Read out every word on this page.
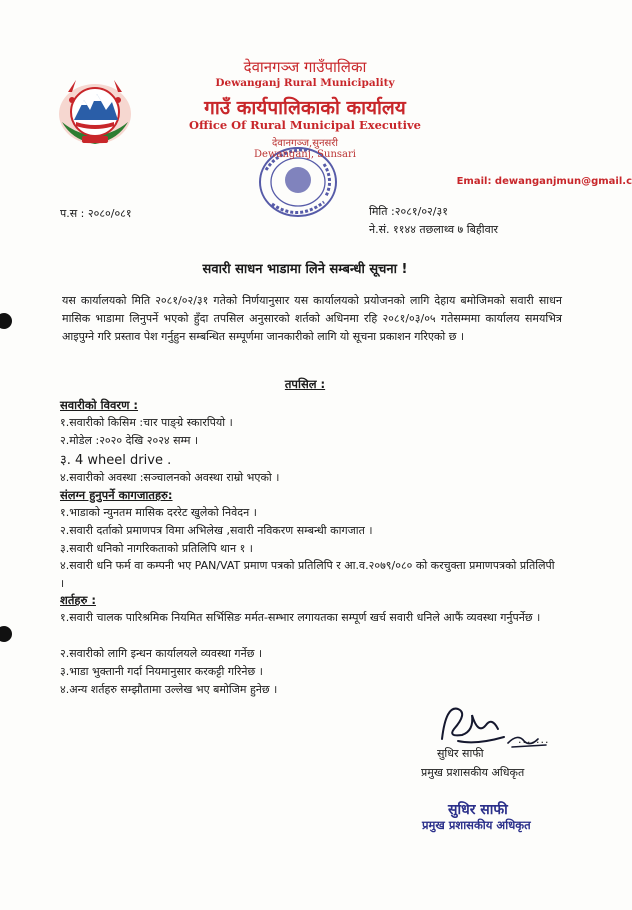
देवानगञ्ज गाउँपालिका
Dewanganj Rural Municipality
गाउँ कार्यपालिकाको कार्यालय
Office Of Rural Municipal Executive
देवानगञ्ज,सुनसरी
Dewanganj, Sunsari
Email: dewanganjmun@gmail.c
प.स : २०८०/०८१	मिति :२०८१/०२/३१
ने.सं. ११४४ तछलाथ्व ७ बिहीवार
सवारी साधन भाडामा लिने सम्बन्धी सूचना !
यस कार्यालयको मिति २०८१/०२/३१ गतेको निर्णयानुसार यस कार्यालयको प्रयोजनको लागि देहाय बमोजिमको सवारी साधन मासिक भाडामा लिनुपर्ने भएको हुँदा तपसिल अनुसारको शर्तको अधिनमा रहि २०८१/०३/०५ गतेसम्ममा कार्यालय समयभित्र आइपुग्ने गरि प्रस्ताव पेश गर्नुहुन सम्बन्धित सम्पूर्णमा जानकारीको लागि यो सूचना प्रकाशन गरिएको छ ।
तपसिल :
सवारीको विवरण :
१.सवारीको किसिम :चार पाङ्ग्रे स्कारपियो ।
२.मोडेल :२०२० देखि २०२४ सम्म ।
३. 4 wheel drive .
४.सवारीको अवस्था :सञ्चालनको अवस्था राम्रो भएको ।
संलग्न हुनुपर्ने कागजातहरु:
१.भाडाको न्युनतम मासिक दररेट खुलेको निवेदन ।
२.सवारी दर्ताको प्रमाणपत्र विमा अभिलेख ,सवारी नविकरण सम्बन्धी कागजात ।
३.सवारी धनिको नागरिकताको प्रतिलिपि थान १ ।
४.सवारी धनि फर्म वा कम्पनी भए PAN/VAT प्रमाण पत्रको प्रतिलिपि र आ.व.२०७९/०८० को करचुक्ता प्रमाणपत्रको प्रतिलिपी ।
शर्तहरु :
१.सवारी चालक पारिश्रमिक नियमित सर्भिसिङ मर्मत-सम्भार लगायतका सम्पूर्ण खर्च सवारी धनिले आफैं व्यवस्था गर्नुपर्नेछ ।
२.सवारीको लागि इन्धन कार्यालयले व्यवस्था गर्नेछ ।
३.भाडा भुक्तानी गर्दा नियमानुसार करकट्टी गरिनेछ ।
४.अन्य शर्तहरु सम्झौतामा उल्लेख भए बमोजिम हुनेछ ।
.......
सुधिर साफी
प्रमुख प्रशासकीय अधिकृत
सुधिर साफी
प्रमुख प्रशासकीय अधिकृत
